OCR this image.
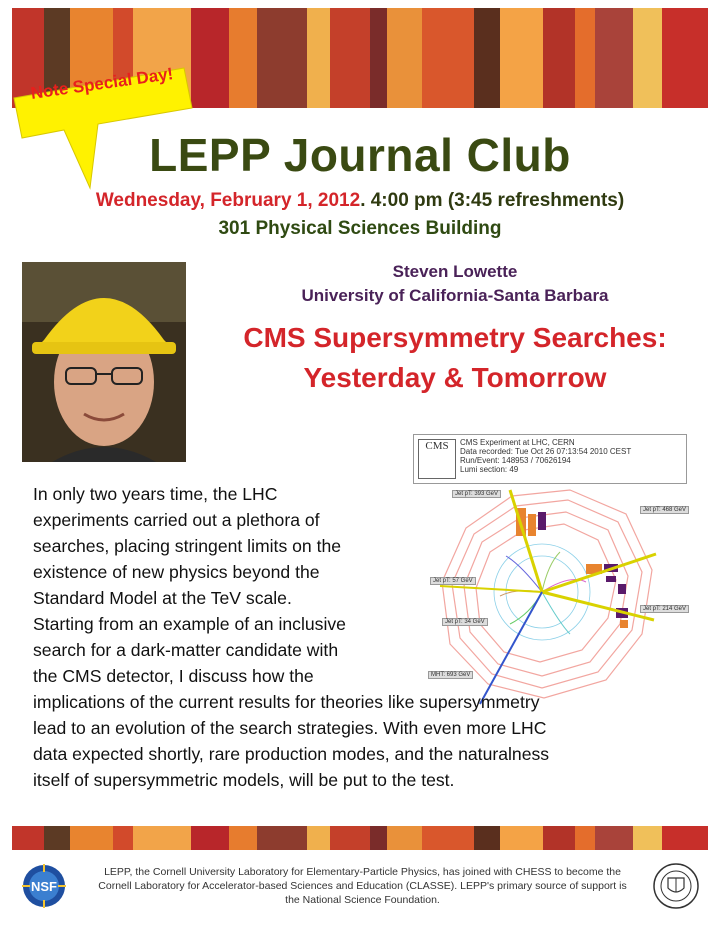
Note Special Day!
LEPP Journal Club
Wednesday, February 1, 2012. 4:00 pm (3:45 refreshments)
301 Physical Sciences Building
Steven Lowette
University of California-Santa Barbara
CMS Supersymmetry Searches:
Yesterday & Tomorrow
CMS	CMS Experiment at LHC, CERN
Data recorded: Tue Oct 26 07:13:54 2010 CEST
Run/Event: 148953 / 70626194
Lumi section: 49
Jet pT: 393 GeV
Jet pT: 468 GeV
Jet pT: 57 GeV
Jet pT: 214 GeV
Jet pT: 34 GeV
MHT: 693 GeV
In only two years time, the LHC
experiments carried out a plethora of
searches, placing stringent limits on the
existence of new physics beyond the
Standard Model at the TeV scale.
Starting from an example of an inclusive
search for a dark-matter candidate with
the CMS detector, I discuss how the
implications of the current results for theories like supersymmetry
lead to an evolution of the search strategies. With even more LHC
data expected shortly, rare production modes, and the naturalness
itself of supersymmetric models, will be put to the test.
NSF
LEPP, the Cornell University Laboratory for Elementary-Particle Physics, has joined with CHESS to become the Cornell Laboratory for Accelerator-based Sciences and Education (CLASSE). LEPP's primary source of support is the National Science Foundation.
